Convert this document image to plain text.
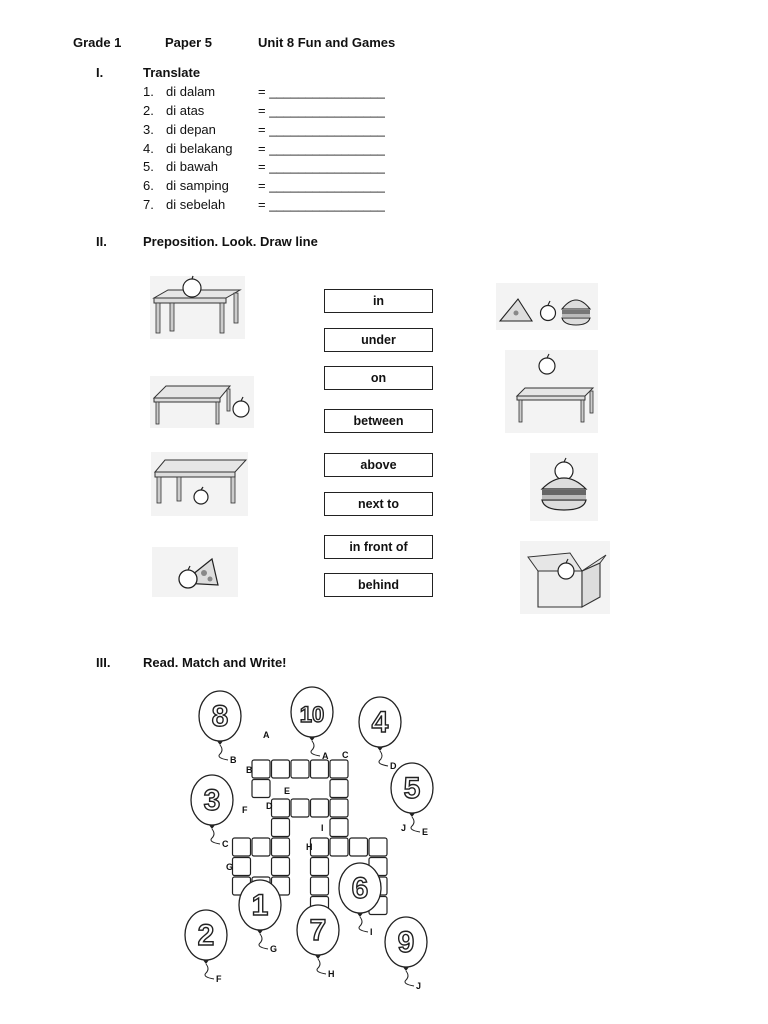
Grade 1	Paper 5	Unit 8 Fun and Games
I.	Translate
1. di dalam	= ________________
2. di atas	= ________________
3. di depan	= ________________
4. di belakang = ________________
5. di bawah	= ________________
6. di samping = ________________
7. di sebelah	= ________________
II.	Preposition. Look. Draw line
in
under
on
between
above
next to
in front of
behind
III.	Read. Match and Write!
8
B
10
A
4
D
3
C
5
E
1
G
6
I
2
F
7
H
9
J
A
B
C
D
E
F
G
H
I	J
